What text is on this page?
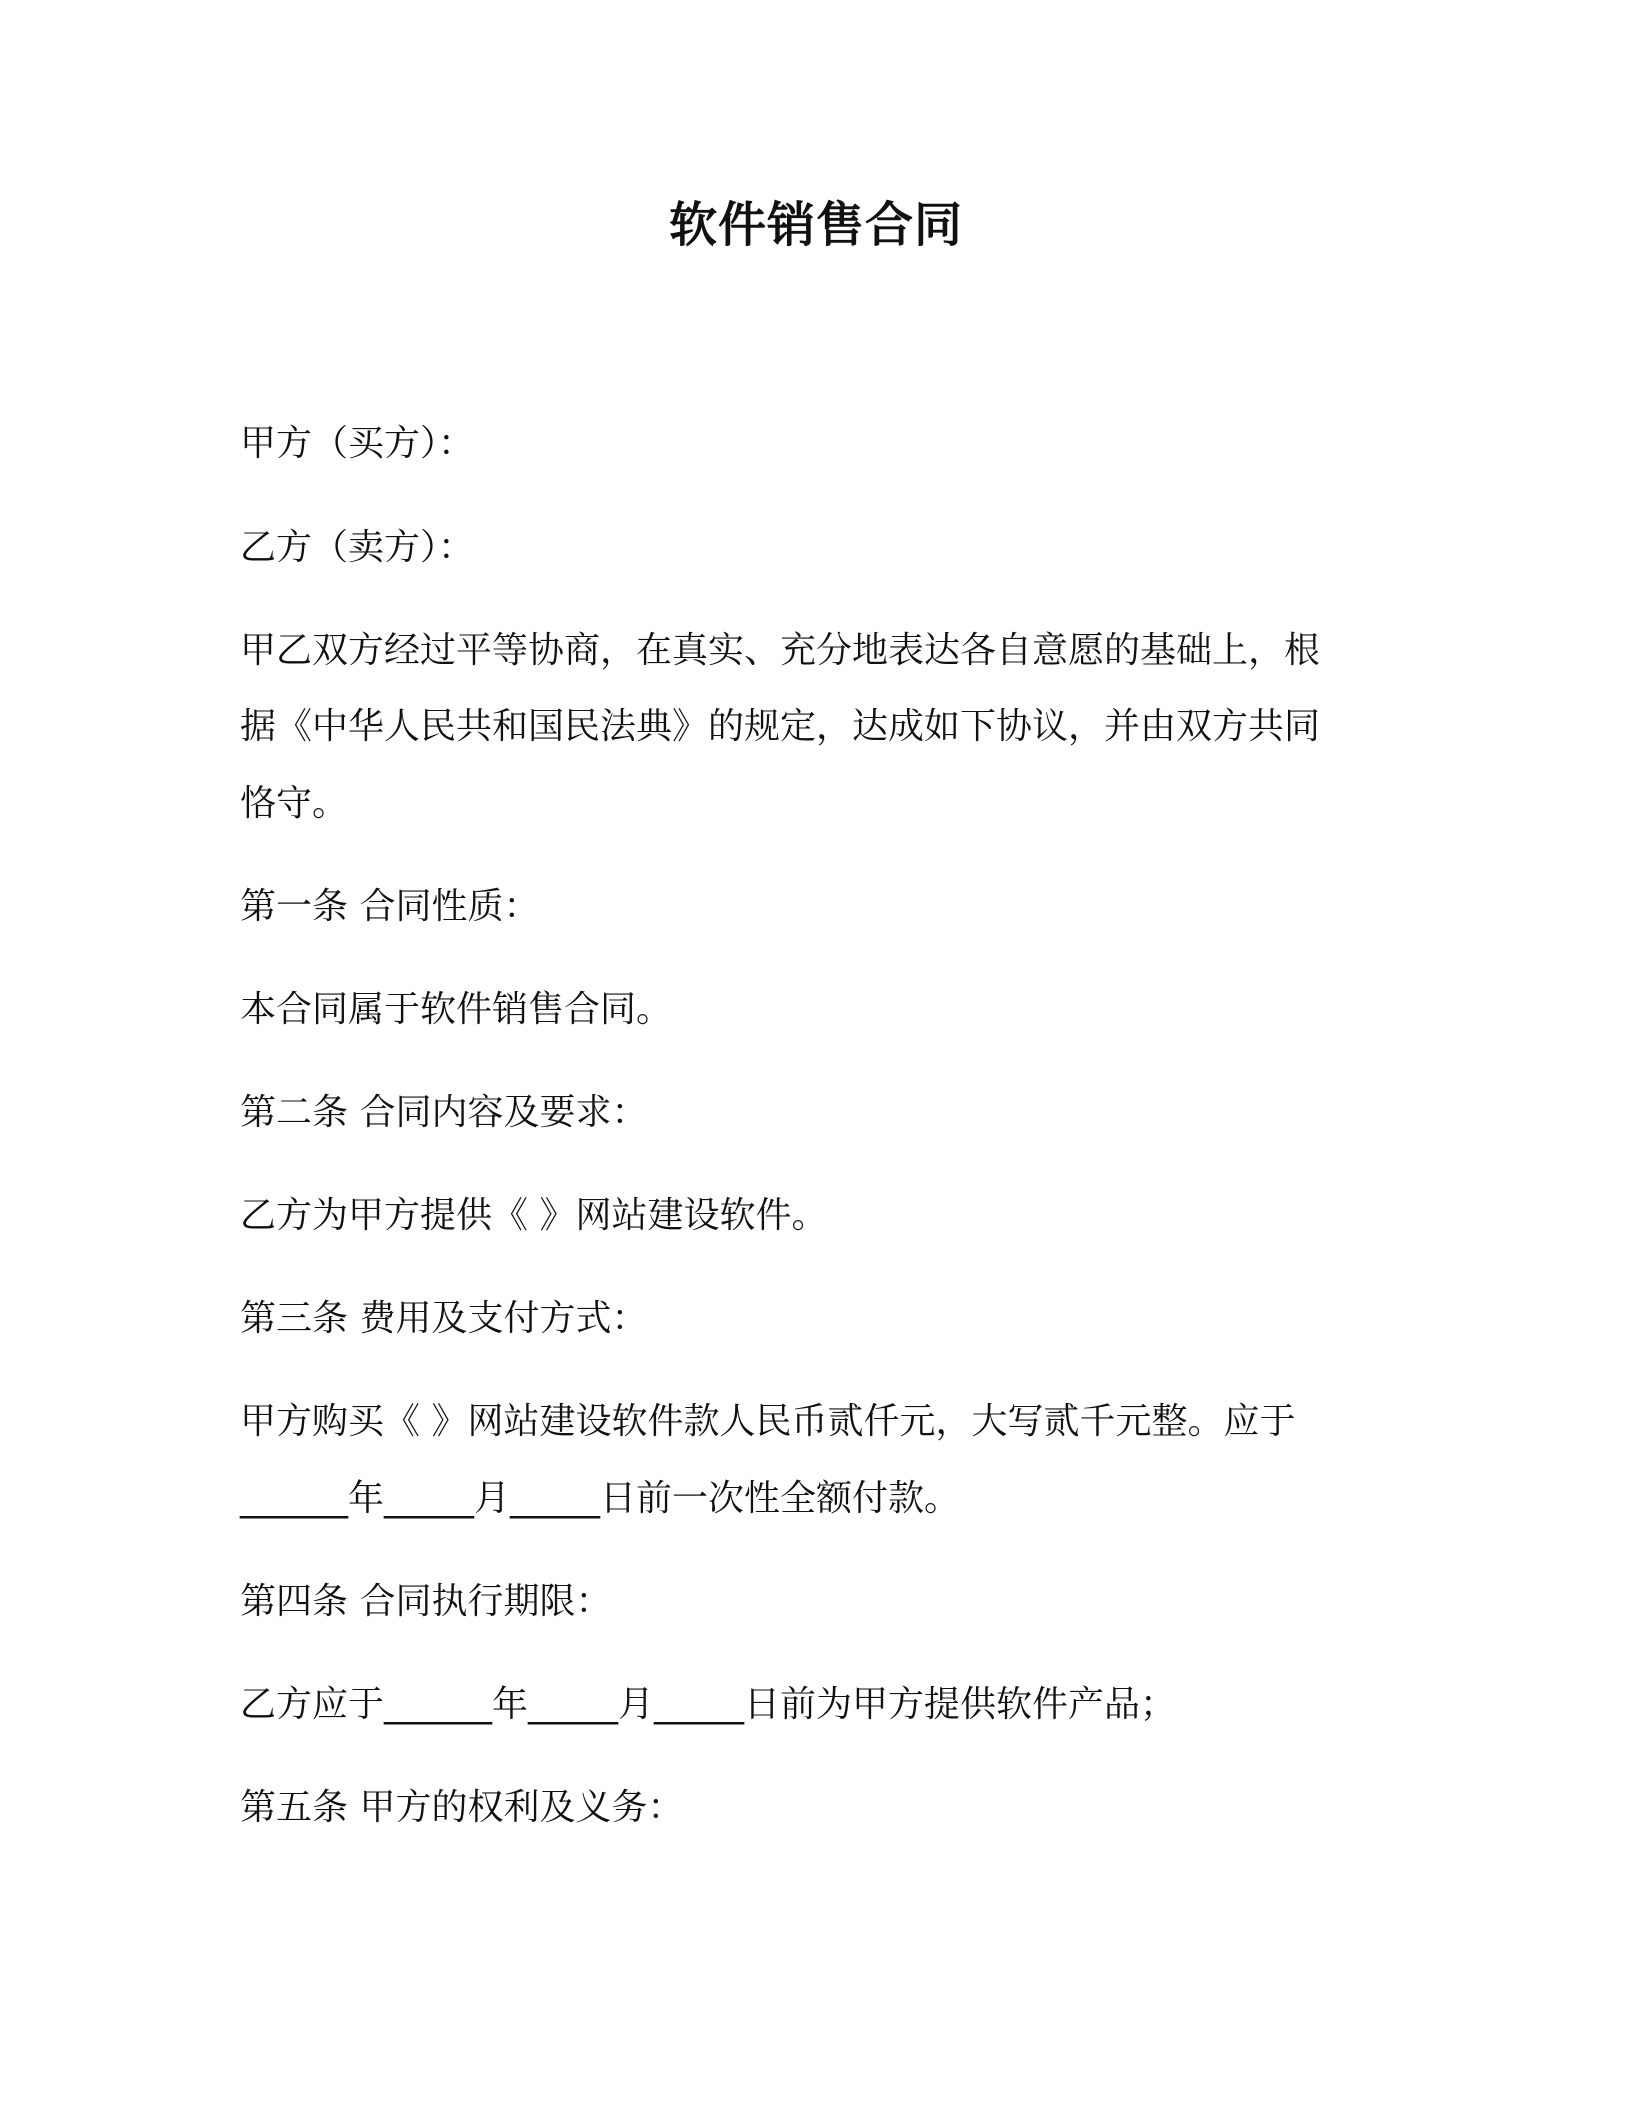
软件销售合同
甲方（买方）：
乙方（卖方）：
甲乙双方经过平等协商，在真实、充分地表达各自意愿的基础上，根
据《中华人民共和国民法典》的规定，达成如下协议，并由双方共同
恪守。
第一条 合同性质：
本合同属于软件销售合同。
第二条 合同内容及要求：
乙方为甲方提供《 》网站建设软件。
第三条 费用及支付方式：
甲方购买《 》网站建设软件款人民币贰仟元，大写贰千元整。应于
______年_____月_____日前一次性全额付款。
第四条 合同执行期限：
乙方应于______年_____月_____日前为甲方提供软件产品；
第五条 甲方的权利及义务：
